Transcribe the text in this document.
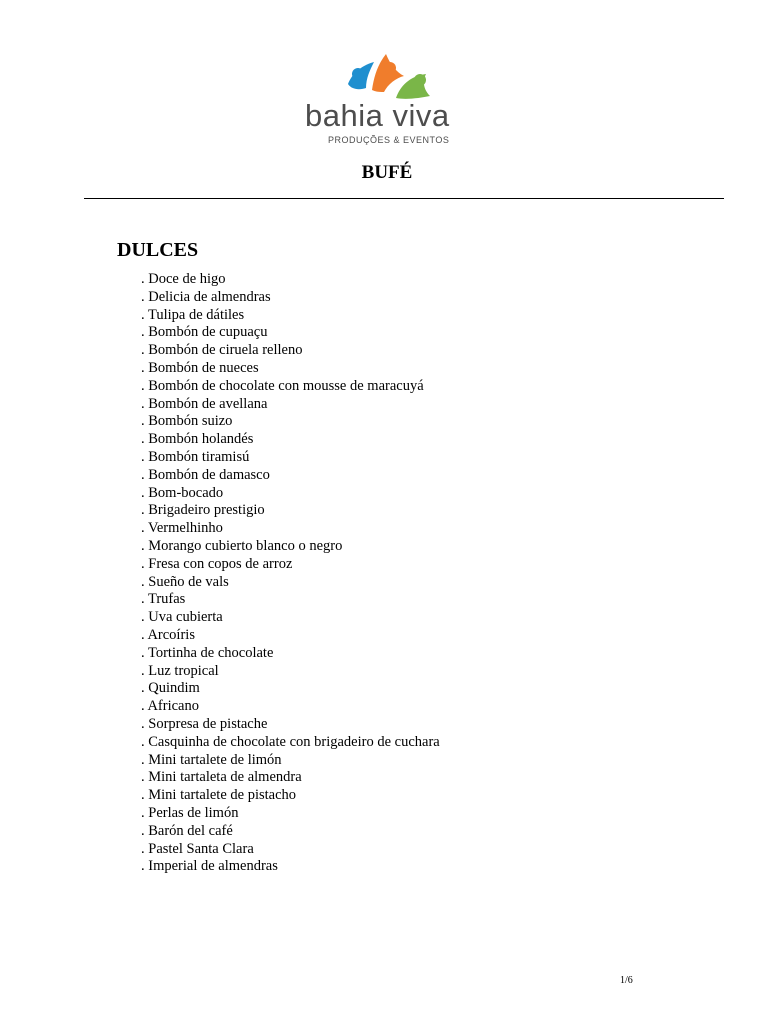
bahia viva
PRODUÇÕES & EVENTOS
BUFÉ
DULCES
. Doce de higo
. Delicia de almendras
. Tulipa de dátiles
. Bombón de cupuaçu
. Bombón de ciruela relleno
. Bombón de nueces
. Bombón de chocolate con mousse de maracuyá
. Bombón de avellana
. Bombón suizo
. Bombón holandés
. Bombón tiramisú
. Bombón de damasco
. Bom-bocado
. Brigadeiro prestigio
. Vermelhinho
. Morango cubierto blanco o negro
. Fresa con copos de arroz
. Sueño de vals
. Trufas
. Uva cubierta
. Arcoíris
. Tortinha de chocolate
. Luz tropical
. Quindim
. Africano
. Sorpresa de pistache
. Casquinha de chocolate con brigadeiro de cuchara
. Mini tartalete de limón
. Mini tartaleta de almendra
. Mini tartalete de pistacho
. Perlas de limón
. Barón del café
. Pastel Santa Clara
. Imperial de almendras
1/6
